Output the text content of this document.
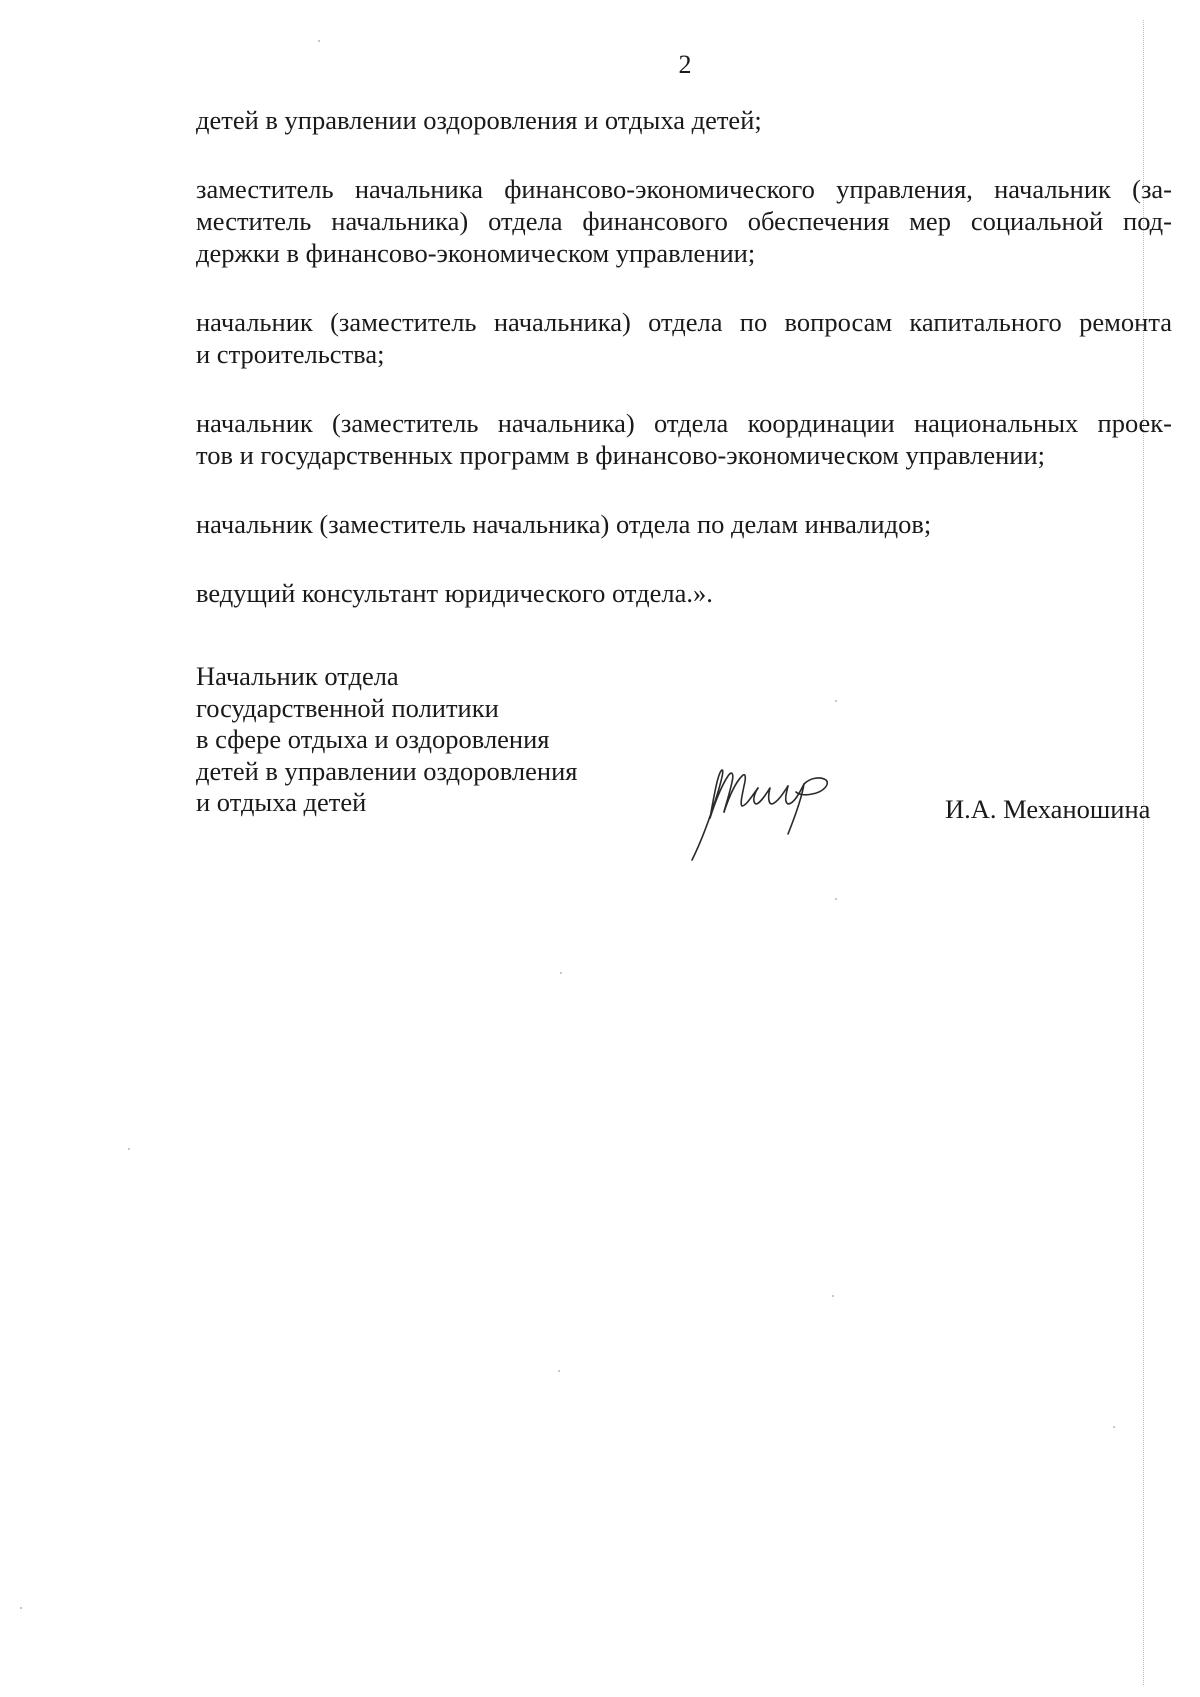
2

детей в управлении оздоровления и отдыха детей;

заместитель начальника финансово-экономического управления, начальник (за-
меститель начальника) отдела финансового обеспечения мер социальной под-
держки в финансово-экономическом управлении;

начальник (заместитель начальника) отдела по вопросам капитального ремонта
и строительства;

начальник (заместитель начальника) отдела координации национальных проек-
тов и государственных программ в финансово-экономическом управлении;

начальник (заместитель начальника) отдела по делам инвалидов;

ведущий консультант юридического отдела.».

Начальник отдела
государственной политики
в сфере отдыха и оздоровления
детей в управлении оздоровления
и отдыха детей	И.А. Механошина
